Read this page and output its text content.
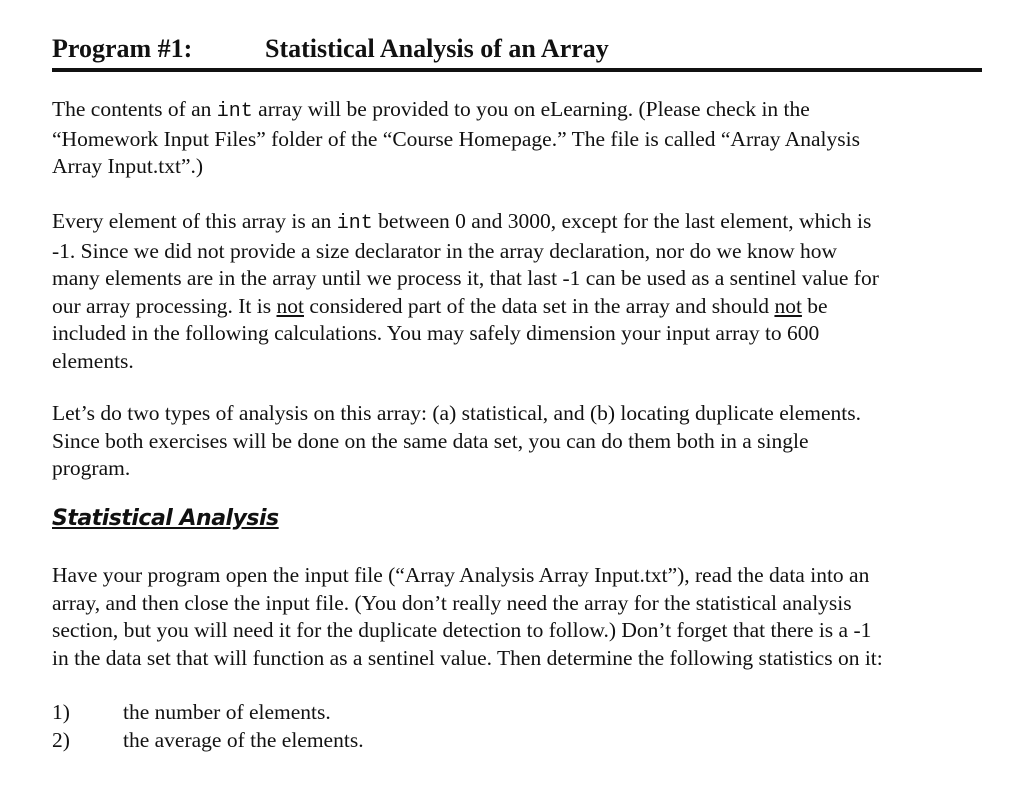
Program #1:	Statistical Analysis of an Array
The contents of an int array will be provided to you on eLearning. (Please check in the
“Homework Input Files” folder of the “Course Homepage.” The file is called “Array Analysis
Array Input.txt”.)
Every element of this array is an int between 0 and 3000, except for the last element, which is
-1. Since we did not provide a size declarator in the array declaration, nor do we know how
many elements are in the array until we process it, that last -1 can be used as a sentinel value for
our array processing. It is not considered part of the data set in the array and should not be
included in the following calculations. You may safely dimension your input array to 600
elements.
Let’s do two types of analysis on this array: (a) statistical, and (b) locating duplicate elements.
Since both exercises will be done on the same data set, you can do them both in a single
program.
Statistical Analysis
Have your program open the input file (“Array Analysis Array Input.txt”), read the data into an
array, and then close the input file. (You don’t really need the array for the statistical analysis
section, but you will need it for the duplicate detection to follow.) Don’t forget that there is a -1
in the data set that will function as a sentinel value. Then determine the following statistics on it:
1) the number of elements.
2) the average of the elements.
